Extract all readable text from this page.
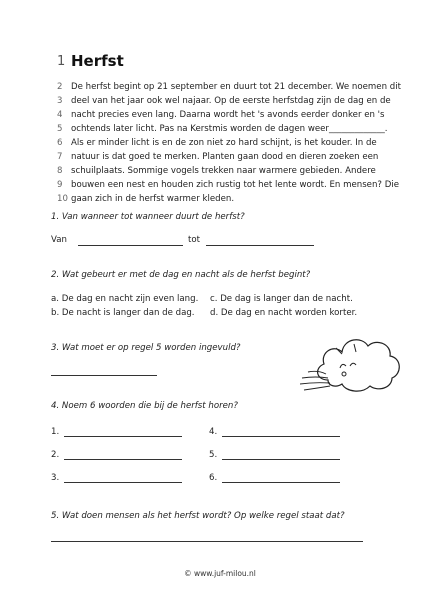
1 Herfst
2 De herfst begint op 21 september en duurt tot 21 december. We noemen dit
3 deel van het jaar ook wel najaar. Op de eerste herfstdag zijn de dag en de
4 nacht precies even lang. Daarna wordt het 's avonds eerder donker en 's
5 ochtends later licht. Pas na Kerstmis worden de dagen weer_____________.
6 Als er minder licht is en de zon niet zo hard schijnt, is het kouder. In de
7 natuur is dat goed te merken. Planten gaan dood en dieren zoeken een
8 schuilplaats. Sommige vogels trekken naar warmere gebieden. Andere
9 bouwen een nest en houden zich rustig tot het lente wordt. En mensen? Die
10 gaan zich in de herfst warmer kleden.
1. Van wanneer tot wanneer duurt de herfst?
Van	tot
2. Wat gebeurt er met de dag en nacht als de herfst begint?
a. De dag en nacht zijn even lang. c. De dag is langer dan de nacht.
b. De nacht is langer dan de dag. d. De dag en nacht worden korter.
3. Wat moet er op regel 5 worden ingevuld?
4. Noem 6 woorden die bij de herfst horen?
1.	4.
2.	5.
3.	6.
5. Wat doen mensen als het herfst wordt? Op welke regel staat dat?
© www.juf-milou.nl
